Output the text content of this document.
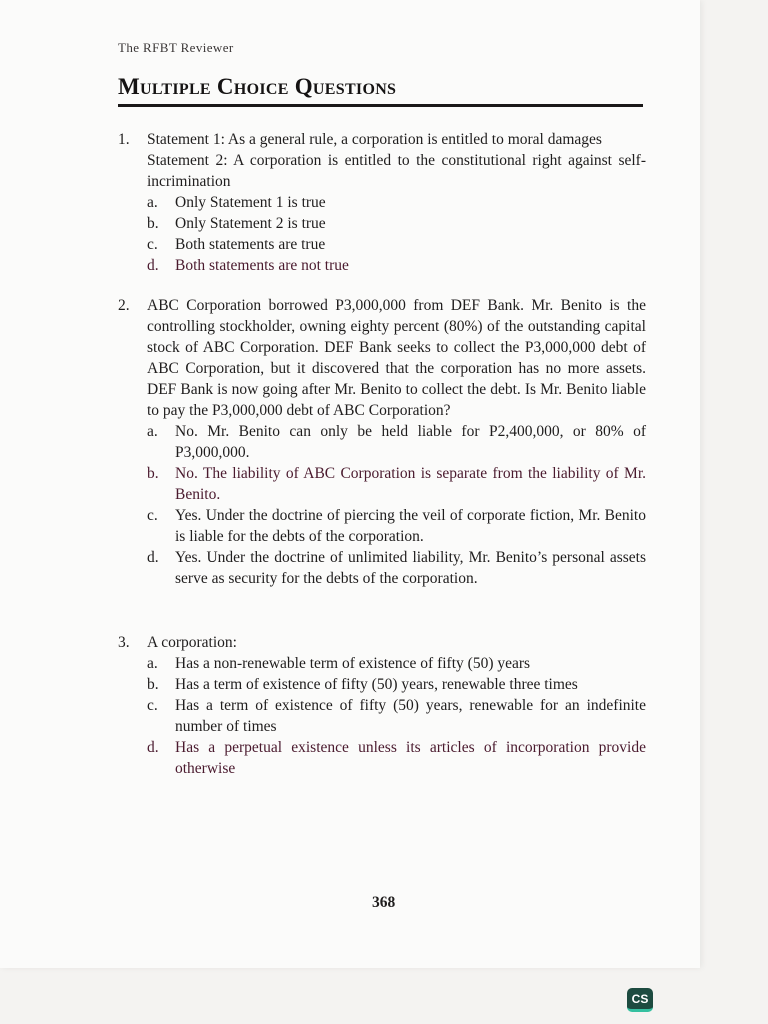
The RFBT Reviewer
Multiple Choice Questions
1.	Statement 1: As a general rule, a corporation is entitled to moral damages
Statement 2: A corporation is entitled to the constitutional right against self-incrimination
a. Only Statement 1 is true
b. Only Statement 2 is true
c. Both statements are true
d. Both statements are not true
2.	ABC Corporation borrowed P3,000,000 from DEF Bank. Mr. Benito is the controlling stockholder, owning eighty percent (80%) of the outstanding capital stock of ABC Corporation. DEF Bank seeks to collect the P3,000,000 debt of ABC Corporation, but it discovered that the corporation has no more assets. DEF Bank is now going after Mr. Benito to collect the debt. Is Mr. Benito liable to pay the P3,000,000 debt of ABC Corporation?
a. No. Mr. Benito can only be held liable for P2,400,000, or 80% of P3,000,000.
b. No. The liability of ABC Corporation is separate from the liability of Mr. Benito.
c. Yes. Under the doctrine of piercing the veil of corporate fiction, Mr. Benito is liable for the debts of the corporation.
d. Yes. Under the doctrine of unlimited liability, Mr. Benito’s personal assets serve as security for the debts of the corporation.
3.	A corporation:
a. Has a non-renewable term of existence of fifty (50) years
b. Has a term of existence of fifty (50) years, renewable three times
c. Has a term of existence of fifty (50) years, renewable for an indefinite number of times
d. Has a perpetual existence unless its articles of incorporation provide otherwise
368
CS
